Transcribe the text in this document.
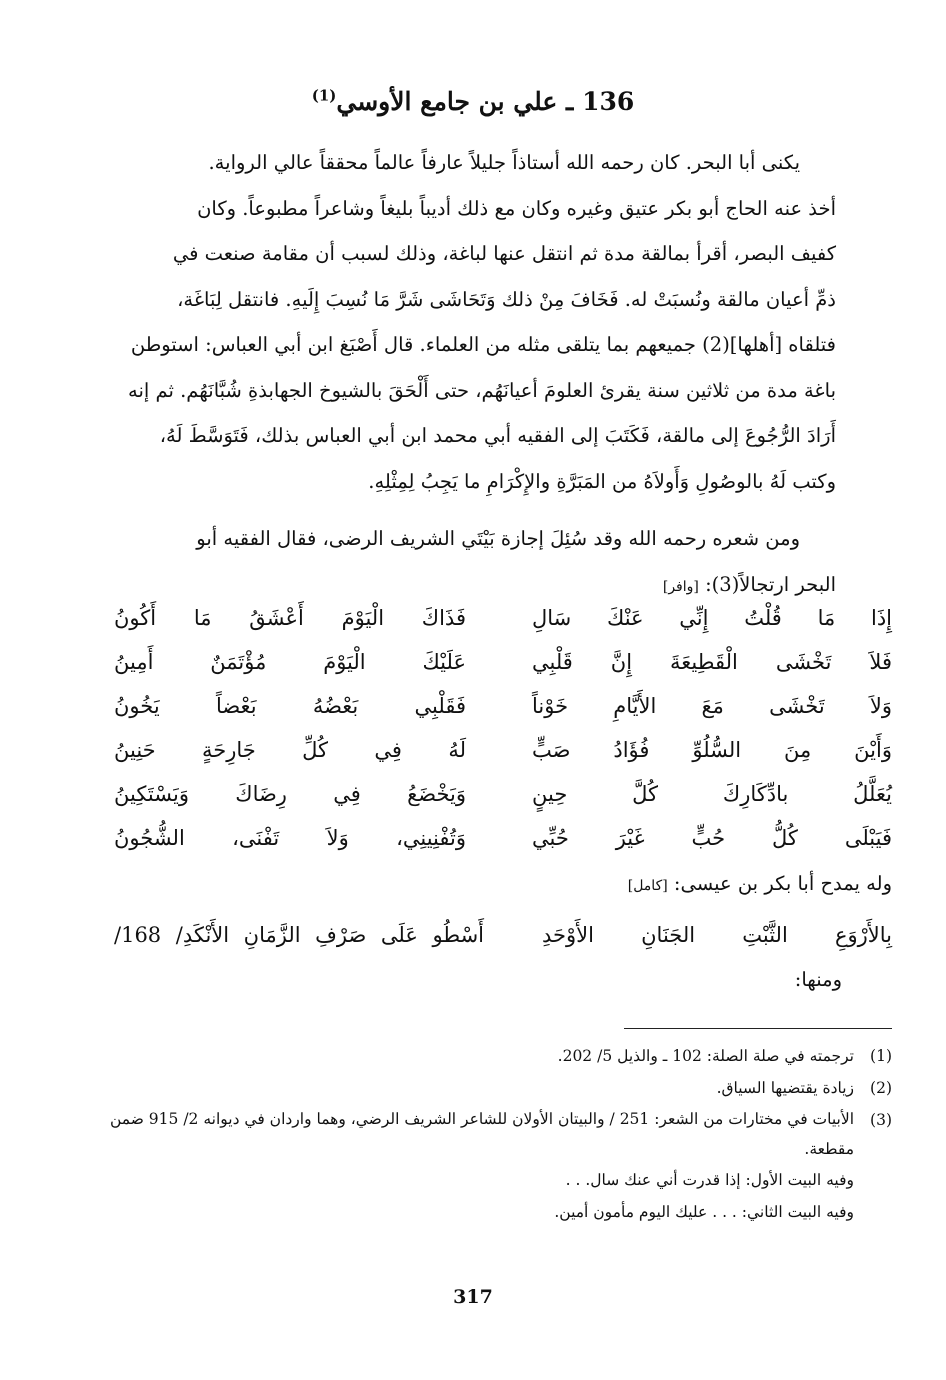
136 ـ علي بن جامع الأوسي$^{(1)}$

يكنى أبا البحر. كان رحمه الله أستاذاً جليلاً عارفاً عالماً محققاً عالي الرواية.

أخذ عنه الحاج أبو بكر عتيق وغيره وكان مع ذلك أديباً بليغاً وشاعراً مطبوعاً. وكان

كفيف البصر، أقرأ بمالقة مدة ثم انتقل عنها لباغة، وذلك لسبب أن مقامة صنعت في

ذمِّ أعيان مالقة ونُسبَتْ له. فَخَافَ مِنْ ذلك وَتَحَاشَى شَرَّ مَا نُسِبَ إِلَيهِ. فانتقل لِبَاغَة،

فتلقاه [أهلها](2) جميعهم بما يتلقى مثله من العلماء. قال أَصْبَغ ابن أبي العباس: استوطن

باغة مدة من ثلاثين سنة يقرئ العلومَ أعيانَهُم، حتى أَلْحَقَ بالشيوخ الجهابذةِ شُبَّانَهُم. ثم إنه

أَرَادَ الرُّجُوعَ إلى مالقة، فَكَتَبَ إلى الفقيه أبي محمد ابن أبي العباس بذلك، فَتَوَسَّطَ لَهُ،

وكتب لَهُ بالوصُولِ وَأَولاَهُ من المَبَرَّةِ والإِكْرَامِ ما يَجِبُ لِمِثْلِهِ.

ومن شعره رحمه الله وقد سُئِلَ إجازة بَيْتَي الشريف الرضى، فقال الفقيه أبو

البحر ارتجالاً(3): [وافر]

إِذَا مَا قُلْتُ إِنِّي عَنْكَ سَالِ
فَذَاكَ الْيَوْمَ أَعْشَقُ مَا أَكُونُ
فَلاَ تَخْشَى الْقَطِيعَةَ إِنَّ قَلْبِي
عَلَيْكَ الْيَوْمَ مُؤْتَمَنٌ أَمِينُ
وَلاَ تَخْشَى مَعَ الأَيَّامِ خَوْناً
فَقَلْبِي بَعْضُهُ بَعْضاً يَخُونُ
وَأَيْنَ مِنَ السُّلُوِّ فُؤَادُ صَبٍّ
لَهُ فِي كُلِّ جَارِحَةٍ حَنِينُ
يُعَلَّلُ بادِّكَارِكَ كُلَّ حِينٍ
وَيَخْضَعُ فِي رِضَاكَ وَيَسْتَكِينُ
فَيَبْلَى كُلُّ حُبٍّ غَيْرَ حُبِّي
وَتُفْنِينِي، وَلاَ تَفْنَى، الشُّجُونُ
وله يمدح أبا بكر بن عيسى: [كامل]
بِالأَرْوَعِ الثَّبْتِ الجَنَانِ الأَوْحَدِ
أَسْطُو عَلَى صَرْفِ الزَّمَانِ الأَنْكَدِ/ 168/
ومنها:
(1)
ترجمته في صلة الصلة: 102 ـ والذيل 5/ 202.
(2)
زيادة يقتضيها السياق.
(3)
الأبيات في مختارات من الشعر: 251 / والبيتان الأولان للشاعر الشريف الرضي، وهما واردان في ديوانه 2/ 915 ضمن مقطعة.
وفيه البيت الأول: إذا قدرت أني عنك سال. . .
وفيه البيت الثاني: . . . عليك اليوم مأمون أمين.
317
